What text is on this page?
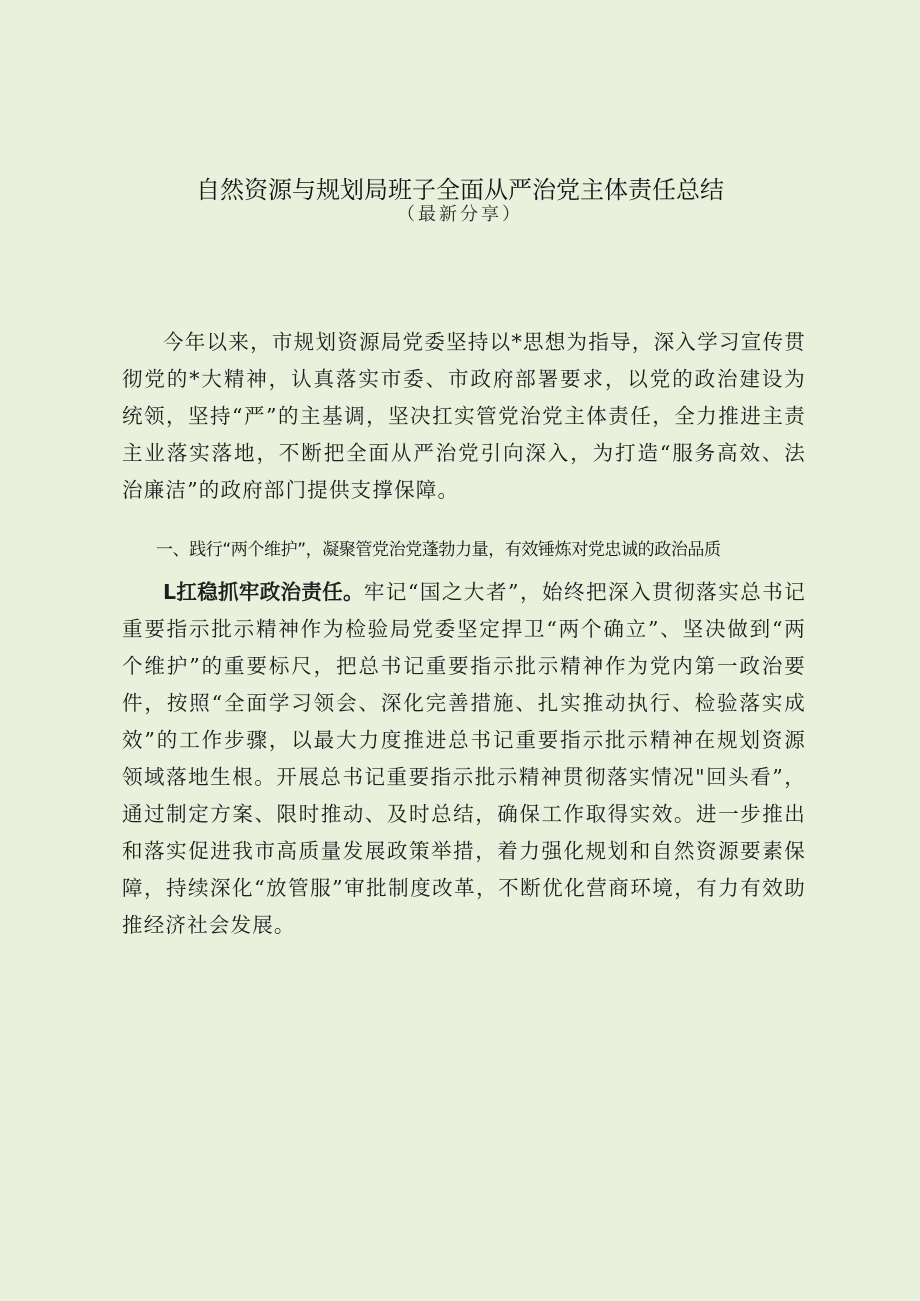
自然资源与规划局班子全面从严治党主体责任总结
（最新分享）

今年以来，市规划资源局党委坚持以*思想为指导，深入学习宣传贯彻党的*大精神，认真落实市委、市政府部署要求，以党的政治建设为统领，坚持“严”的主基调，坚决扛实管党治党主体责任，全力推进主责主业落实落地，不断把全面从严治党引向深入，为打造“服务高效、法治廉洁”的政府部门提供支撑保障。

一、践行“两个维护”，凝聚管党治党蓬勃力量，有效锤炼对党忠诚的政治品质

L扛稳抓牢政治责任。牢记“国之大者”，始终把深入贯彻落实总书记重要指示批示精神作为检验局党委坚定捍卫“两个确立”、坚决做到“两个维护”的重要标尺，把总书记重要指示批示精神作为党内第一政治要件，按照“全面学习领会、深化完善措施、扎实推动执行、检验落实成效”的工作步骤，以最大力度推进总书记重要指示批示精神在规划资源领域落地生根。开展总书记重要指示批示精神贯彻落实情况"回头看”，通过制定方案、限时推动、及时总结，确保工作取得实效。进一步推出和落实促进我市高质量发展政策举措，着力强化规划和自然资源要素保障，持续深化“放管服”审批制度改革，不断优化营商环境，有力有效助推经济社会发展。
